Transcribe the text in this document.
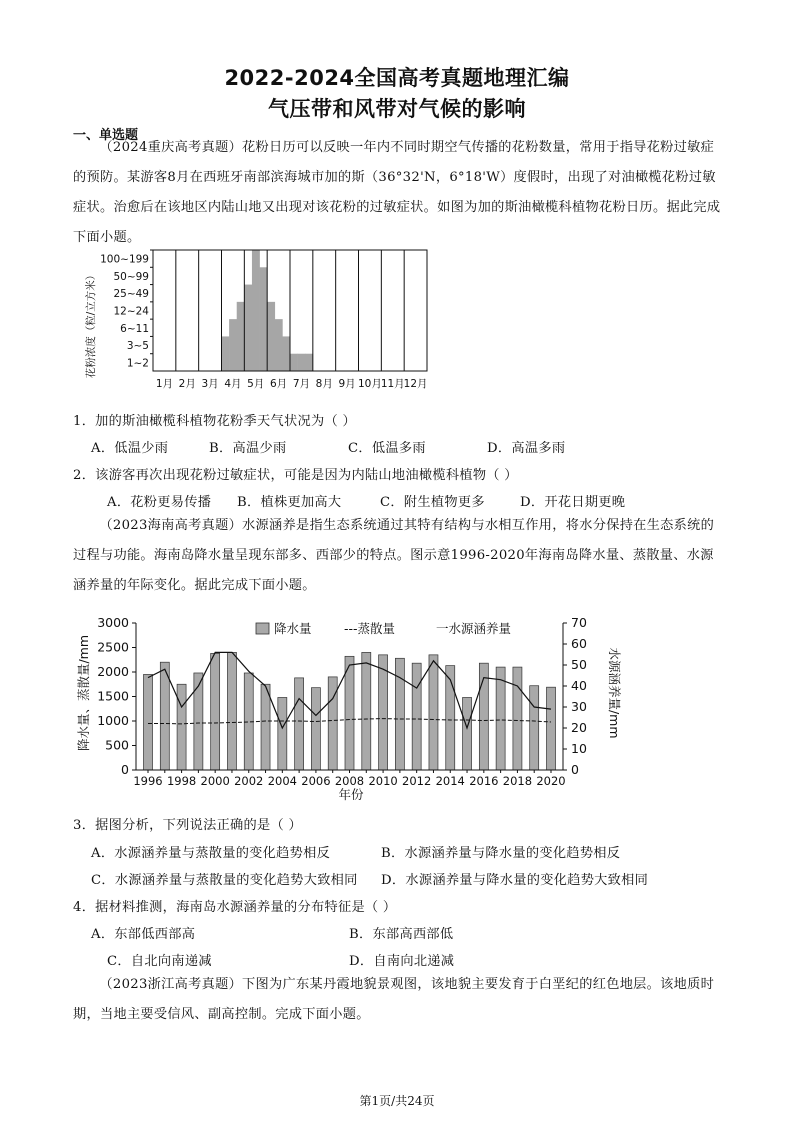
2022-2024全国高考真题地理汇编
气压带和风带对气候的影响
一、单选题
（2024重庆高考真题）花粉日历可以反映一年内不同时期空气传播的花粉数量，常用于指导花粉过敏症的预防。某游客8月在西班牙南部滨海城市加的斯（36°32'N，6°18'W）度假时，出现了对油橄榄花粉过敏症状。治愈后在该地区内陆山地又出现对该花粉的过敏症状。如图为加的斯油橄榄科植物花粉日历。据此完成下面小题。
1~2
3~5
6~11
12~24
25~49
50~99
100~199
1月 2月 3月 4月 5月 6月 7月 8月 9月 10月
11月
12月
花粉浓度（粒/立方米）
1．加的斯油橄榄科植物花粉季天气状况为（ ）
A．低温少雨	B．高温少雨	C．低温多雨	D．高温多雨
2．该游客再次出现花粉过敏症状，可能是因为内陆山地油橄榄科植物（ ）
A．花粉更易传播 B．植株更加高大	C．附生植物更多	D．开花日期更晚
（2023海南高考真题）水源涵养是指生态系统通过其特有结构与水相互作用，将水分保持在生态系统的过程与功能。海南岛降水量呈现东部多、西部少的特点。图示意1996-2020年海南岛降水量、蒸散量、水源涵养量的年际变化。据此完成下面小题。
0
500
1000
1500
2000
2500
3000
0
10
20
30
40
50
60
70
1996 1998 2000 2002 2004 2006 2008 2010 2012 2014 2016 2018 2020
降水量	---蒸散量	一水源涵养量
降水量、蒸散量/mm	水源涵养量/mm
年份
3．据图分析，下列说法正确的是（ ）
A．水源涵养量与蒸散量的变化趋势相反	B．水源涵养量与降水量的变化趋势相反
C．水源涵养量与蒸散量的变化趋势大致相同 D．水源涵养量与降水量的变化趋势大致相同
4．据材料推测，海南岛水源涵养量的分布特征是（ ）
A．东部低西部高	B．东部高西部低
C．自北向南递减	D．自南向北递减
（2023浙江高考真题）下图为广东某丹霞地貌景观图，该地貌主要发育于白垩纪的红色地层。该地质时期，当地主要受信风、副高控制。完成下面小题。
第1页/共24页
